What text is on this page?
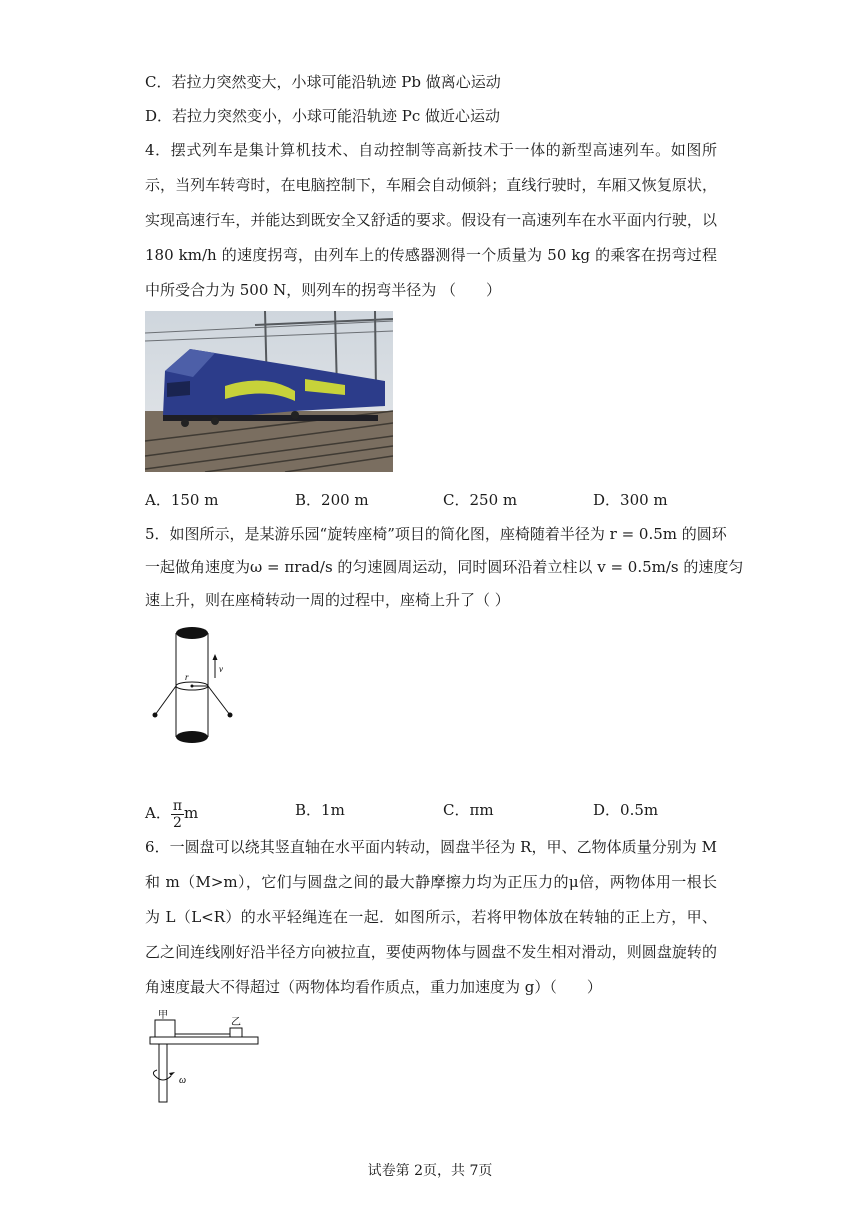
C．若拉力突然变大，小球可能沿轨迹 Pb 做离心运动
D．若拉力突然变小，小球可能沿轨迹 Pc 做近心运动
4．摆式列车是集计算机技术、自动控制等高新技术于一体的新型高速列车。如图所示，当列车转弯时，在电脑控制下，车厢会自动倾斜；直线行驶时，车厢又恢复原状，实现高速行车，并能达到既安全又舒适的要求。假设有一高速列车在水平面内行驶，以 180 km/h 的速度拐弯，由列车上的传感器测得一个质量为 50 kg 的乘客在拐弯过程中所受合力为 500 N，则列车的拐弯半径为 （　　）
A．150 m	B．200 m	C．250 m	D．300 m
5．如图所示，是某游乐园“旋转座椅”项目的简化图，座椅随着半径为 r = 0.5m 的圆环
一起做角速度为ω = πrad/s 的匀速圆周运动，同时圆环沿着立柱以 v = 0.5m/s 的速度匀
速上升，则在座椅转动一周的过程中，座椅上升了（ ）
r
v
A． $\frac{\pi}{2}$ m	B．1m	C．πm	D．0.5m
6．一圆盘可以绕其竖直轴在水平面内转动，圆盘半径为 R，甲、乙物体质量分别为 M 和 m（M>m），它们与圆盘之间的最大静摩擦力均为正压力的μ倍，两物体用一根长为 L（L<R）的水平轻绳连在一起．如图所示，若将甲物体放在转轴的正上方，甲、乙之间连线刚好沿半径方向被拉直，要使两物体与圆盘不发生相对滑动，则圆盘旋转的角速度最大不得超过（两物体均看作质点，重力加速度为 g）（　　）
甲
乙
ω
试卷第 2页，共 7页
